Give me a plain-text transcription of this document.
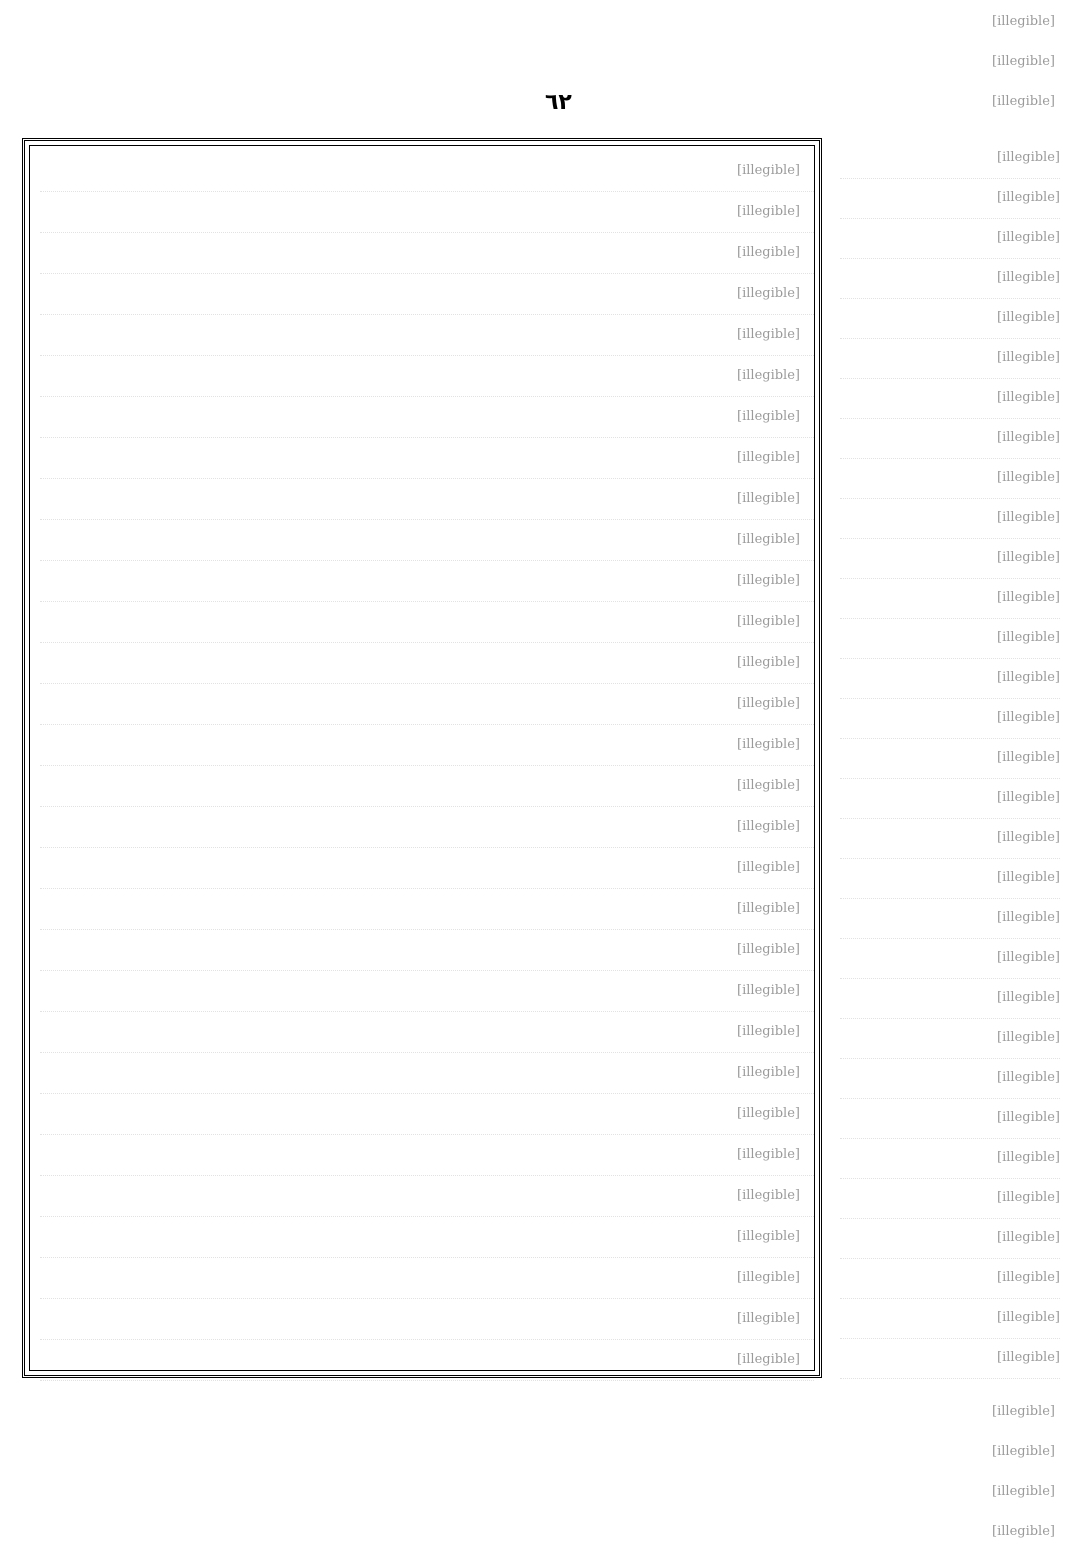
[illegible]
[illegible]
[illegible]
٦٢
[illegible]
[illegible]
[illegible]
[illegible]
[illegible]
[illegible]
[illegible]
[illegible]
[illegible]
[illegible]
[illegible]
[illegible]
[illegible]
[illegible]
[illegible]
[illegible]
[illegible]
[illegible]
[illegible]
[illegible]
[illegible]
[illegible]
[illegible]
[illegible]
[illegible]
[illegible]
[illegible]
[illegible]
[illegible]
[illegible]
[illegible]
[illegible]
[illegible]
[illegible]
[illegible]
[illegible]
[illegible]
[illegible]
[illegible]
[illegible]
[illegible]
[illegible]
[illegible]
[illegible]
[illegible]
[illegible]
[illegible]
[illegible]
[illegible]
[illegible]
[illegible]
[illegible]
[illegible]
[illegible]
[illegible]
[illegible]
[illegible]
[illegible]
[illegible]
[illegible]
[illegible]
[illegible]
[illegible]
[illegible]
[illegible]
